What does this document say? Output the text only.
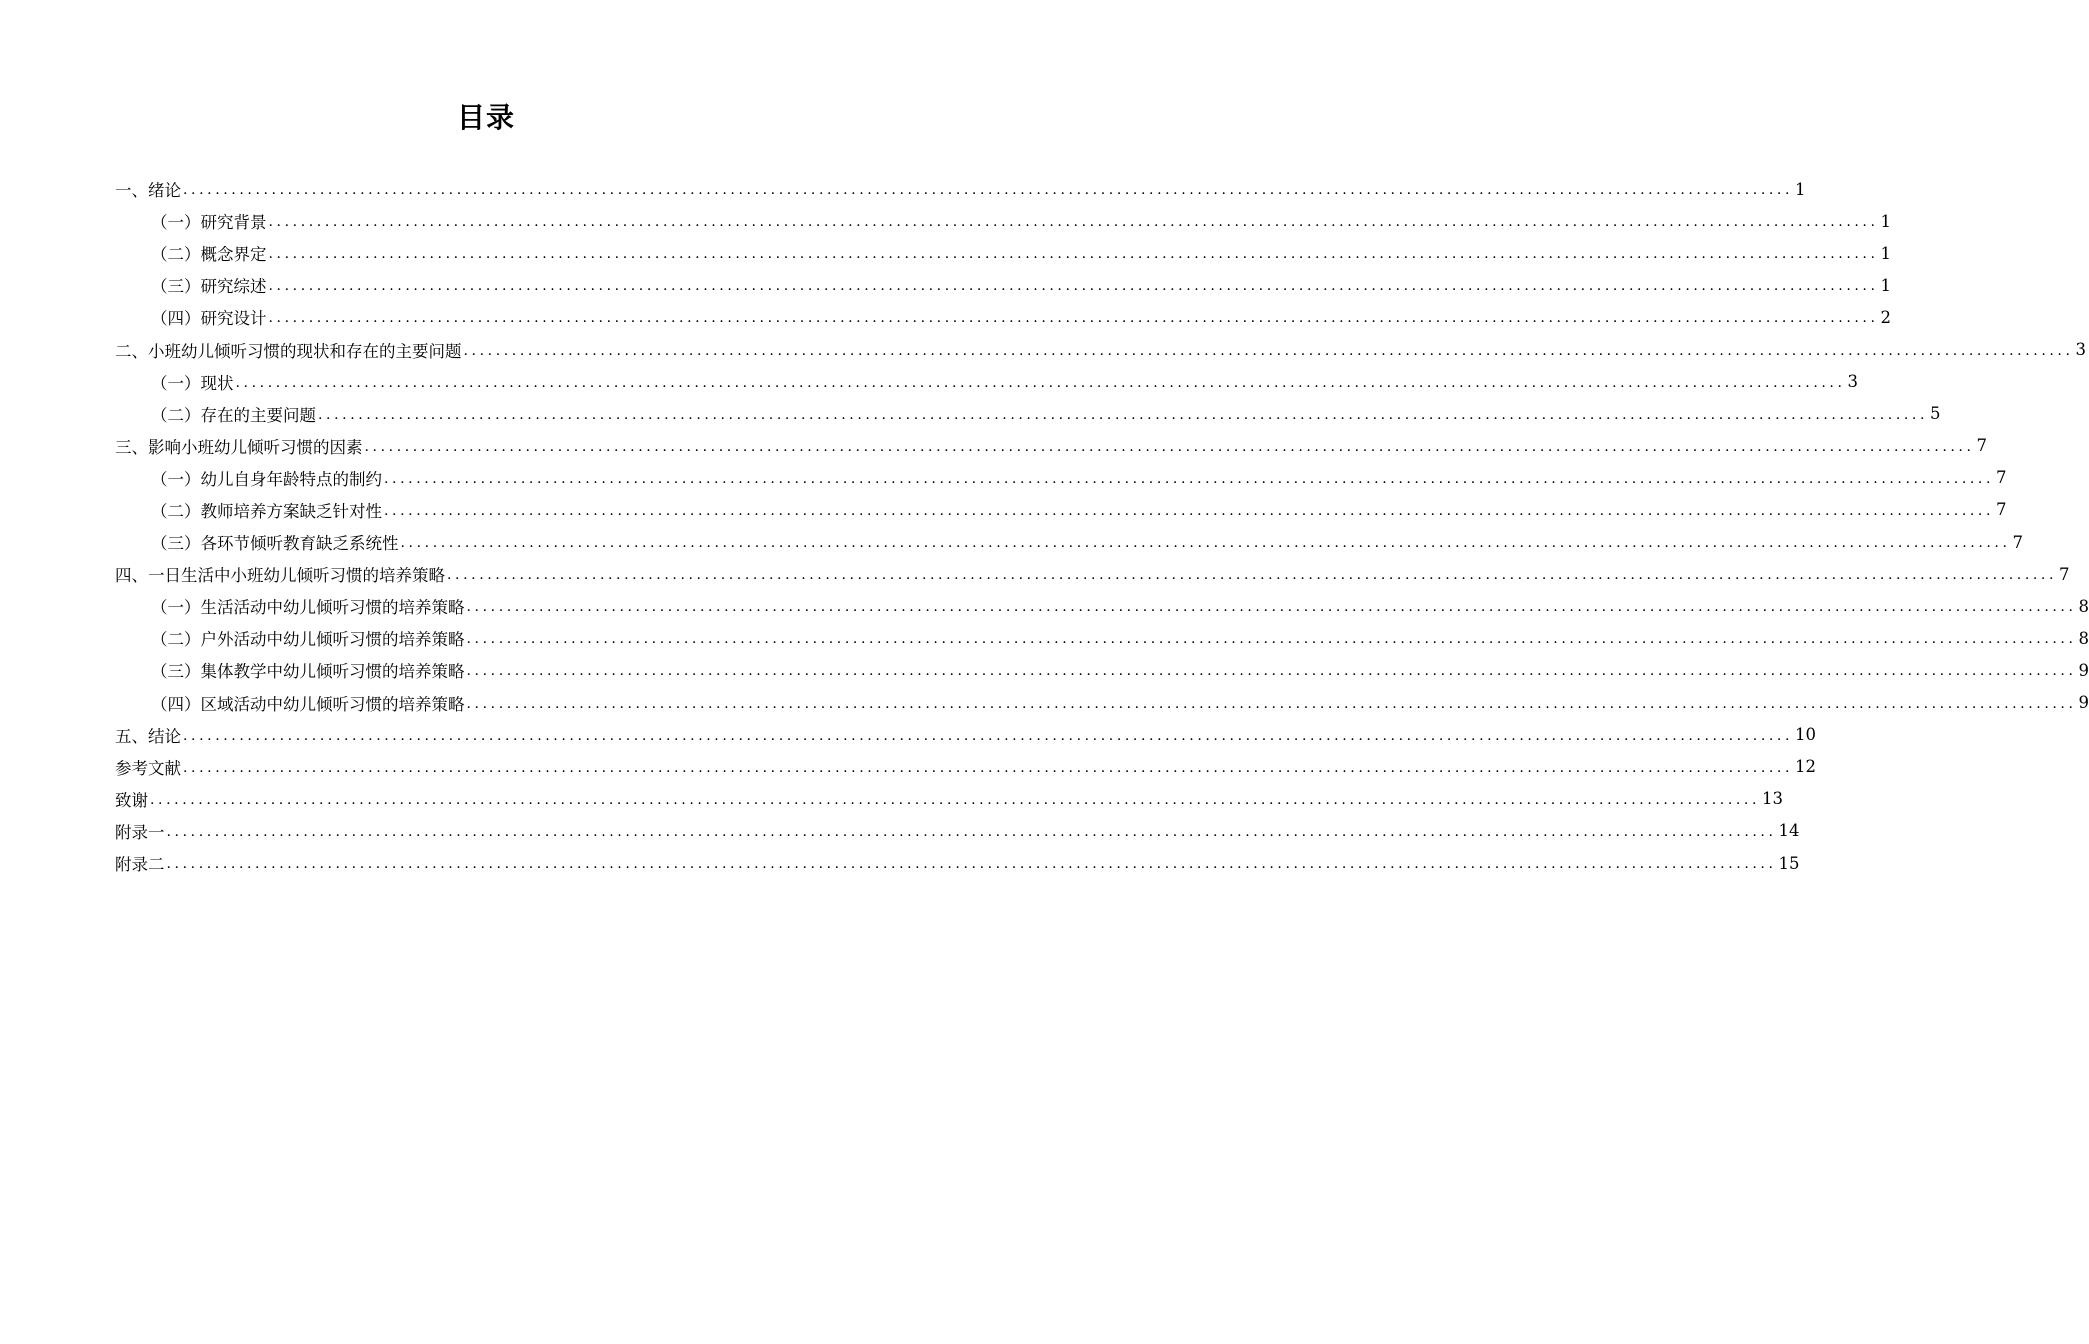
目录
一、绪论 ........................................................................................................................................................................................................ 1
（一）研究背景 ........................................................................................................................................................................................................ 1
（二）概念界定 ........................................................................................................................................................................................................ 1
（三）研究综述 ........................................................................................................................................................................................................ 1
（四）研究设计 ........................................................................................................................................................................................................ 2
二、小班幼儿倾听习惯的现状和存在的主要问题 ........................................................................................................................................................................................................ 3
（一）现状 ........................................................................................................................................................................................................ 3
（二）存在的主要问题 ........................................................................................................................................................................................................ 5
三、影响小班幼儿倾听习惯的因素 ........................................................................................................................................................................................................ 7
（一）幼儿自身年龄特点的制约 ........................................................................................................................................................................................................ 7
（二）教师培养方案缺乏针对性 ........................................................................................................................................................................................................ 7
（三）各环节倾听教育缺乏系统性 ........................................................................................................................................................................................................ 7
四、一日生活中小班幼儿倾听习惯的培养策略 ........................................................................................................................................................................................................ 7
（一）生活活动中幼儿倾听习惯的培养策略 ........................................................................................................................................................................................................ 8
（二）户外活动中幼儿倾听习惯的培养策略 ........................................................................................................................................................................................................ 8
（三）集体教学中幼儿倾听习惯的培养策略 ........................................................................................................................................................................................................ 9
（四）区域活动中幼儿倾听习惯的培养策略 ........................................................................................................................................................................................................ 9
五、结论 ........................................................................................................................................................................................................ 10
参考文献 ........................................................................................................................................................................................................ 12
致谢 ........................................................................................................................................................................................................ 13
附录一 ........................................................................................................................................................................................................ 14
附录二 ........................................................................................................................................................................................................ 15
